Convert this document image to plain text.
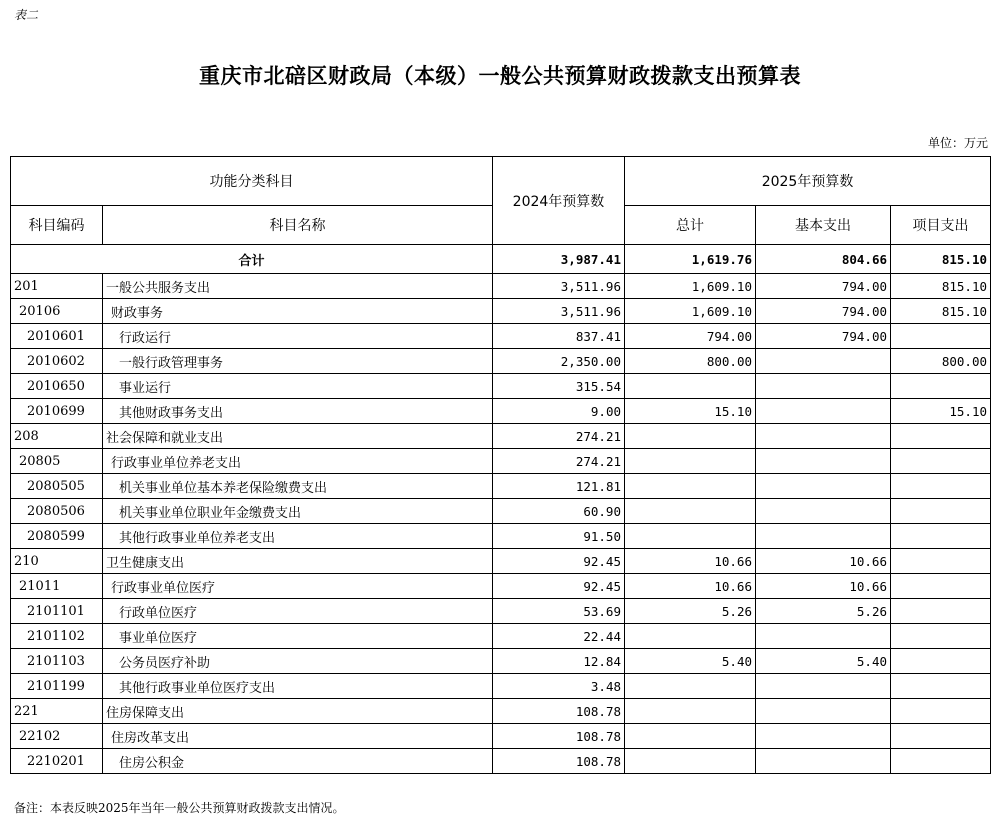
表二
重庆市北碚区财政局（本级）一般公共预算财政拨款支出预算表
单位：万元
功能分类科目		2024年预算数	2025年预算数		
科目编码	科目名称		总计	基本支出	项目支出
合计		3,987.41	1,619.76	804.66	815.10
201	一般公共服务支出	3,511.96	1,609.10	794.00	815.10
20106	财政事务	3,511.96	1,609.10	794.00	815.10
2010601	行政运行	837.41	794.00	794.00	
2010602	一般行政管理事务	2,350.00	800.00		800.00
2010650	事业运行	315.54			
2010699	其他财政事务支出	9.00	15.10		15.10
208	社会保障和就业支出	274.21			
20805	行政事业单位养老支出	274.21			
2080505	机关事业单位基本养老保险缴费支出	121.81			
2080506	机关事业单位职业年金缴费支出	60.90			
2080599	其他行政事业单位养老支出	91.50			
210	卫生健康支出	92.45	10.66	10.66	
21011	行政事业单位医疗	92.45	10.66	10.66	
2101101	行政单位医疗	53.69	5.26	5.26	
2101102	事业单位医疗	22.44			
2101103	公务员医疗补助	12.84	5.40	5.40	
2101199	其他行政事业单位医疗支出	3.48			
221	住房保障支出	108.78			
22102	住房改革支出	108.78			
2210201	住房公积金	108.78			
备注：本表反映2025年当年一般公共预算财政拨款支出情况。
